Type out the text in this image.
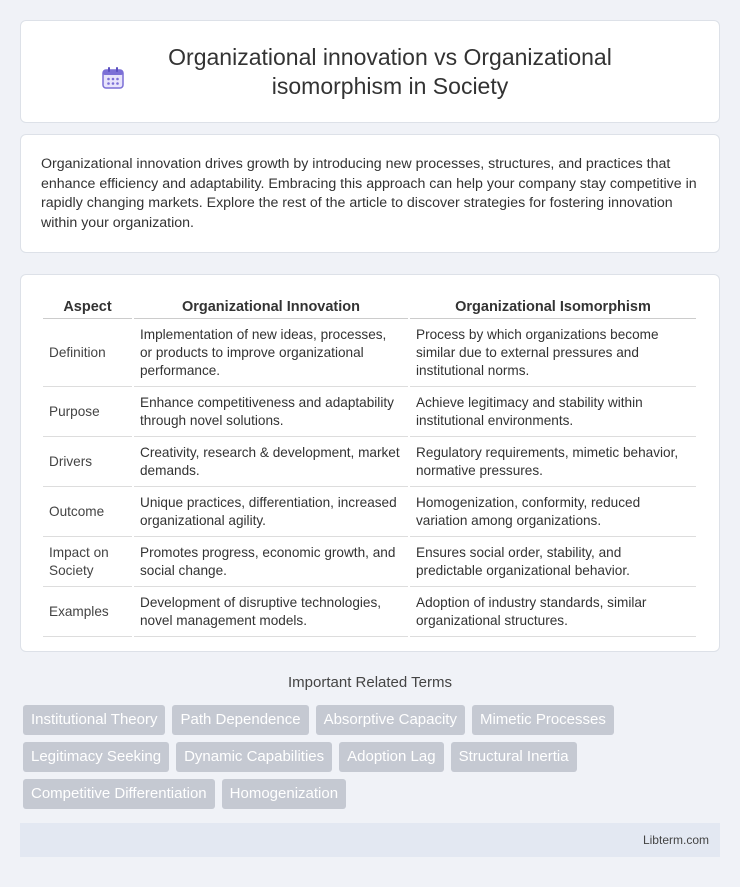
Organizational innovation vs Organizational isomorphism in Society

Organizational innovation drives growth by introducing new processes, structures, and practices that enhance efficiency and adaptability. Embracing this approach can help your company stay competitive in rapidly changing markets. Explore the rest of the article to discover strategies for fostering innovation within your organization.

Aspect	Organizational Innovation	Organizational Isomorphism
Definition	Implementation of new ideas, processes, or products to improve organizational performance.	Process by which organizations become similar due to external pressures and institutional norms.
Purpose	Enhance competitiveness and adaptability through novel solutions.	Achieve legitimacy and stability within institutional environments.
Drivers	Creativity, research & development, market demands.	Regulatory requirements, mimetic behavior, normative pressures.
Outcome	Unique practices, differentiation, increased organizational agility.	Homogenization, conformity, reduced variation among organizations.
Impact on Society	Promotes progress, economic growth, and social change.	Ensures social order, stability, and predictable organizational behavior.
Examples	Development of disruptive technologies, novel management models.	Adoption of industry standards, similar organizational structures.
Important Related Terms
Institutional Theory	Path Dependence	Absorptive Capacity	Mimetic Processes
Legitimacy Seeking	Dynamic Capabilities	Adoption Lag	Structural Inertia
Competitive Differentiation	Homogenization
Libterm.com
